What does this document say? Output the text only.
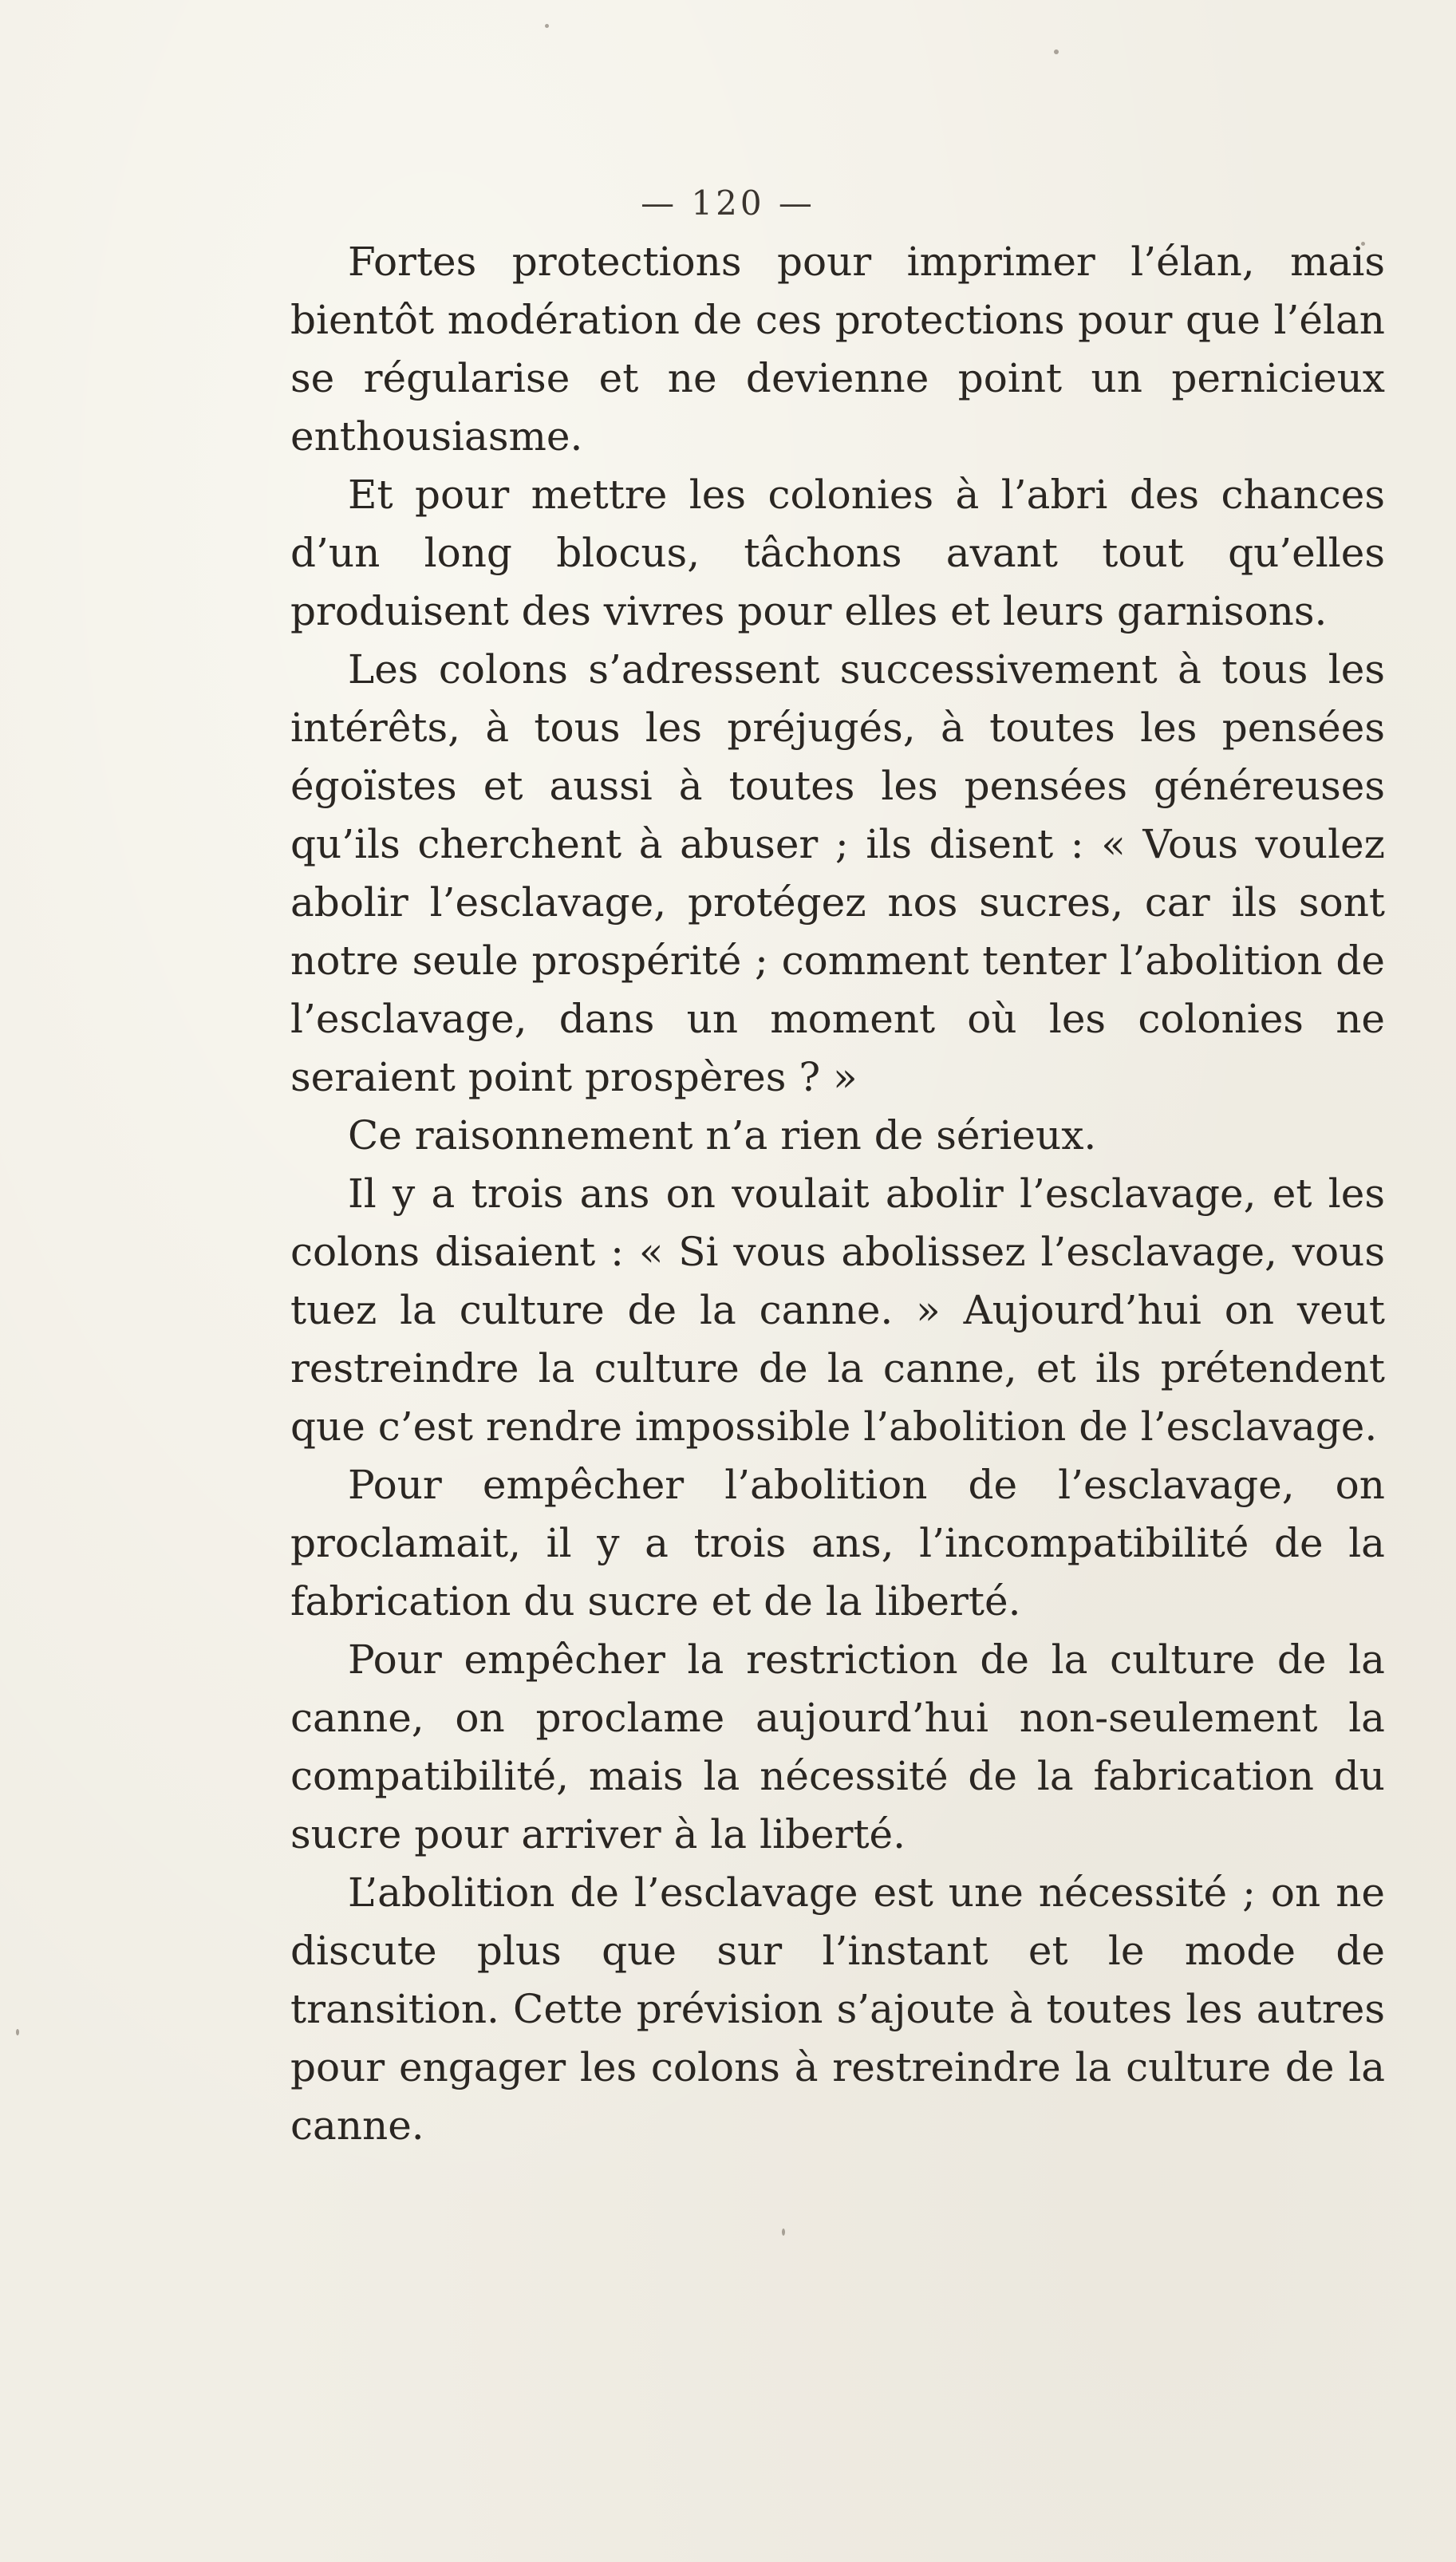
— 120 —

Fortes protections pour imprimer l’élan, mais bientôt modération de ces protections pour que l’élan se régularise et ne devienne point un pernicieux enthousiasme.

Et pour mettre les colonies à l’abri des chances d’un long blocus, tâchons avant tout qu’elles produisent des vivres pour elles et leurs garnisons.

Les colons s’adressent successivement à tous les intérêts, à tous les préjugés, à toutes les pensées égoïstes et aussi à toutes les pensées généreuses qu’ils cherchent à abuser ; ils disent : « Vous voulez abolir l’esclavage, protégez nos sucres, car ils sont notre seule prospérité ; comment tenter l’abolition de l’esclavage, dans un moment où les colonies ne seraient point prospères ? »

Ce raisonnement n’a rien de sérieux.

Il y a trois ans on voulait abolir l’esclavage, et les colons disaient : « Si vous abolissez l’esclavage, vous tuez la culture de la canne. » Aujourd’hui on veut restreindre la culture de la canne, et ils prétendent que c’est rendre impossible l’abolition de l’esclavage.

Pour empêcher l’abolition de l’esclavage, on proclamait, il y a trois ans, l’incompatibilité de la fabrication du sucre et de la liberté.

Pour empêcher la restriction de la culture de la canne, on proclame aujourd’hui non-seulement la compatibilité, mais la nécessité de la fabrication du sucre pour arriver à la liberté.

L’abolition de l’esclavage est une nécessité ; on ne discute plus que sur l’instant et le mode de transition. Cette prévision s’ajoute à toutes les autres pour engager les colons à restreindre la culture de la canne.
